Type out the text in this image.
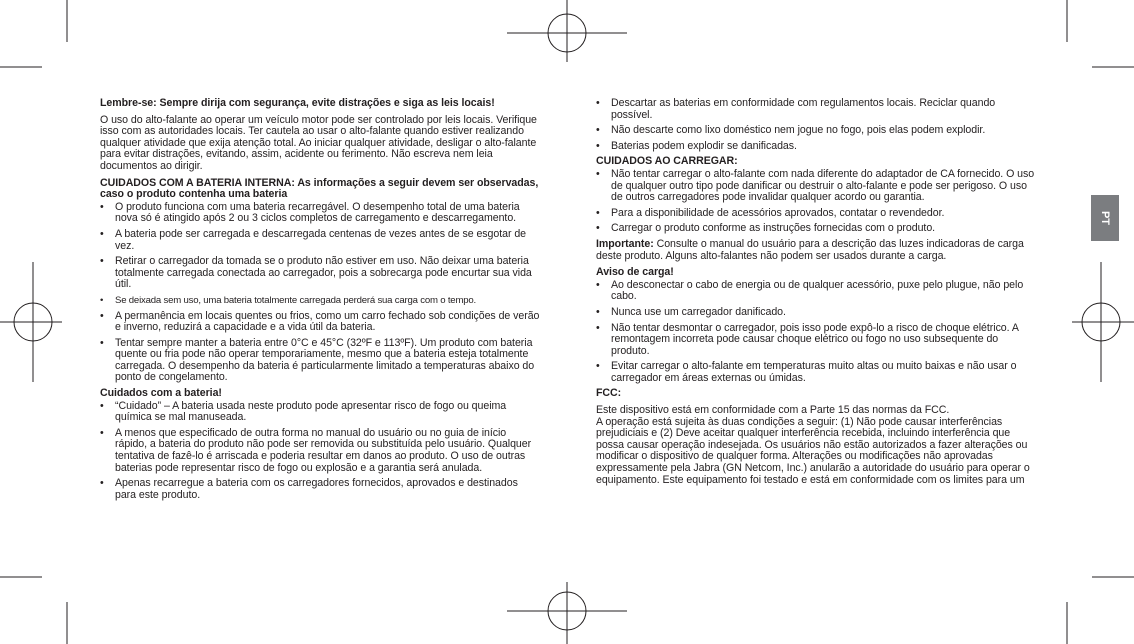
PT
Lembre-se: Sempre dirija com segurança, evite distrações e siga as leis locais!
O uso do alto-falante ao operar um veículo motor pode ser controlado por leis locais. Verifique isso com as autoridades locais. Ter cautela ao usar o alto-falante quando estiver realizando qualquer atividade que exija atenção total. Ao iniciar qualquer atividade, desligar o alto-falante para evitar distrações, evitando, assim, acidente ou ferimento. Não escreva nem leia documentos ao dirigir.
CUIDADOS COM A BATERIA INTERNA: As informações a seguir devem ser observadas, caso o produto contenha uma bateria
• O produto funciona com uma bateria recarregável. O desempenho total de uma bateria nova só é atingido após 2 ou 3 ciclos completos de carregamento e descarregamento.
• A bateria pode ser carregada e descarregada centenas de vezes antes de se esgotar de vez.
• Retirar o carregador da tomada se o produto não estiver em uso. Não deixar uma bateria totalmente carregada conectada ao carregador, pois a sobrecarga pode encurtar sua vida útil.
• Se deixada sem uso, uma bateria totalmente carregada perderá sua carga com o tempo.
• A permanência em locais quentes ou frios, como um carro fechado sob condições de verão e inverno, reduzirá a capacidade e a vida útil da bateria.
• Tentar sempre manter a bateria entre 0°C e 45°C (32ºF e 113ºF). Um produto com bateria quente ou fria pode não operar temporariamente, mesmo que a bateria esteja totalmente carregada. O desempenho da bateria é particularmente limitado a temperaturas abaixo do ponto de congelamento.
Cuidados com a bateria!
• “Cuidado” – A bateria usada neste produto pode apresentar risco de fogo ou queima química se mal manuseada.
• A menos que especificado de outra forma no manual do usuário ou no guia de início rápido, a bateria do produto não pode ser removida ou substituída pelo usuário. Qualquer tentativa de fazê-lo é arriscada e poderia resultar em danos ao produto. O uso de outras baterias pode representar risco de fogo ou explosão e a garantia será anulada.
• Apenas recarregue a bateria com os carregadores fornecidos, aprovados e destinados para este produto.
• Descartar as baterias em conformidade com regulamentos locais. Reciclar quando possível.
• Não descarte como lixo doméstico nem jogue no fogo, pois elas podem explodir.
• Baterias podem explodir se danificadas.
CUIDADOS AO CARREGAR:
• Não tentar carregar o alto-falante com nada diferente do adaptador de CA fornecido. O uso de qualquer outro tipo pode danificar ou destruir o alto-falante e pode ser perigoso. O uso de outros carregadores pode invalidar qualquer acordo ou garantia.
• Para a disponibilidade de acessórios aprovados, contatar o revendedor.
• Carregar o produto conforme as instruções fornecidas com o produto.
Importante: Consulte o manual do usuário para a descrição das luzes indicadoras de carga deste produto. Alguns alto-falantes não podem ser usados durante a carga.
Aviso de carga!
• Ao desconectar o cabo de energia ou de qualquer acessório, puxe pelo plugue, não pelo cabo.
• Nunca use um carregador danificado.
• Não tentar desmontar o carregador, pois isso pode expô-lo a risco de choque elétrico. A remontagem incorreta pode causar choque elétrico ou fogo no uso subsequente do produto.
• Evitar carregar o alto-falante em temperaturas muito altas ou muito baixas e não usar o carregador em áreas externas ou úmidas.
FCC:
Este dispositivo está em conformidade com a Parte 15 das normas da FCC.
A operação está sujeita às duas condições a seguir: (1) Não pode causar interferências prejudiciais e (2) Deve aceitar qualquer interferência recebida, incluindo interferência que possa causar operação indesejada. Os usuários não estão autorizados a fazer alterações ou modificar o dispositivo de qualquer forma. Alterações ou modificações não aprovadas expressamente pela Jabra (GN Netcom, Inc.) anularão a autoridade do usuário para operar o equipamento. Este equipamento foi testado e está em conformidade com os limites para um
